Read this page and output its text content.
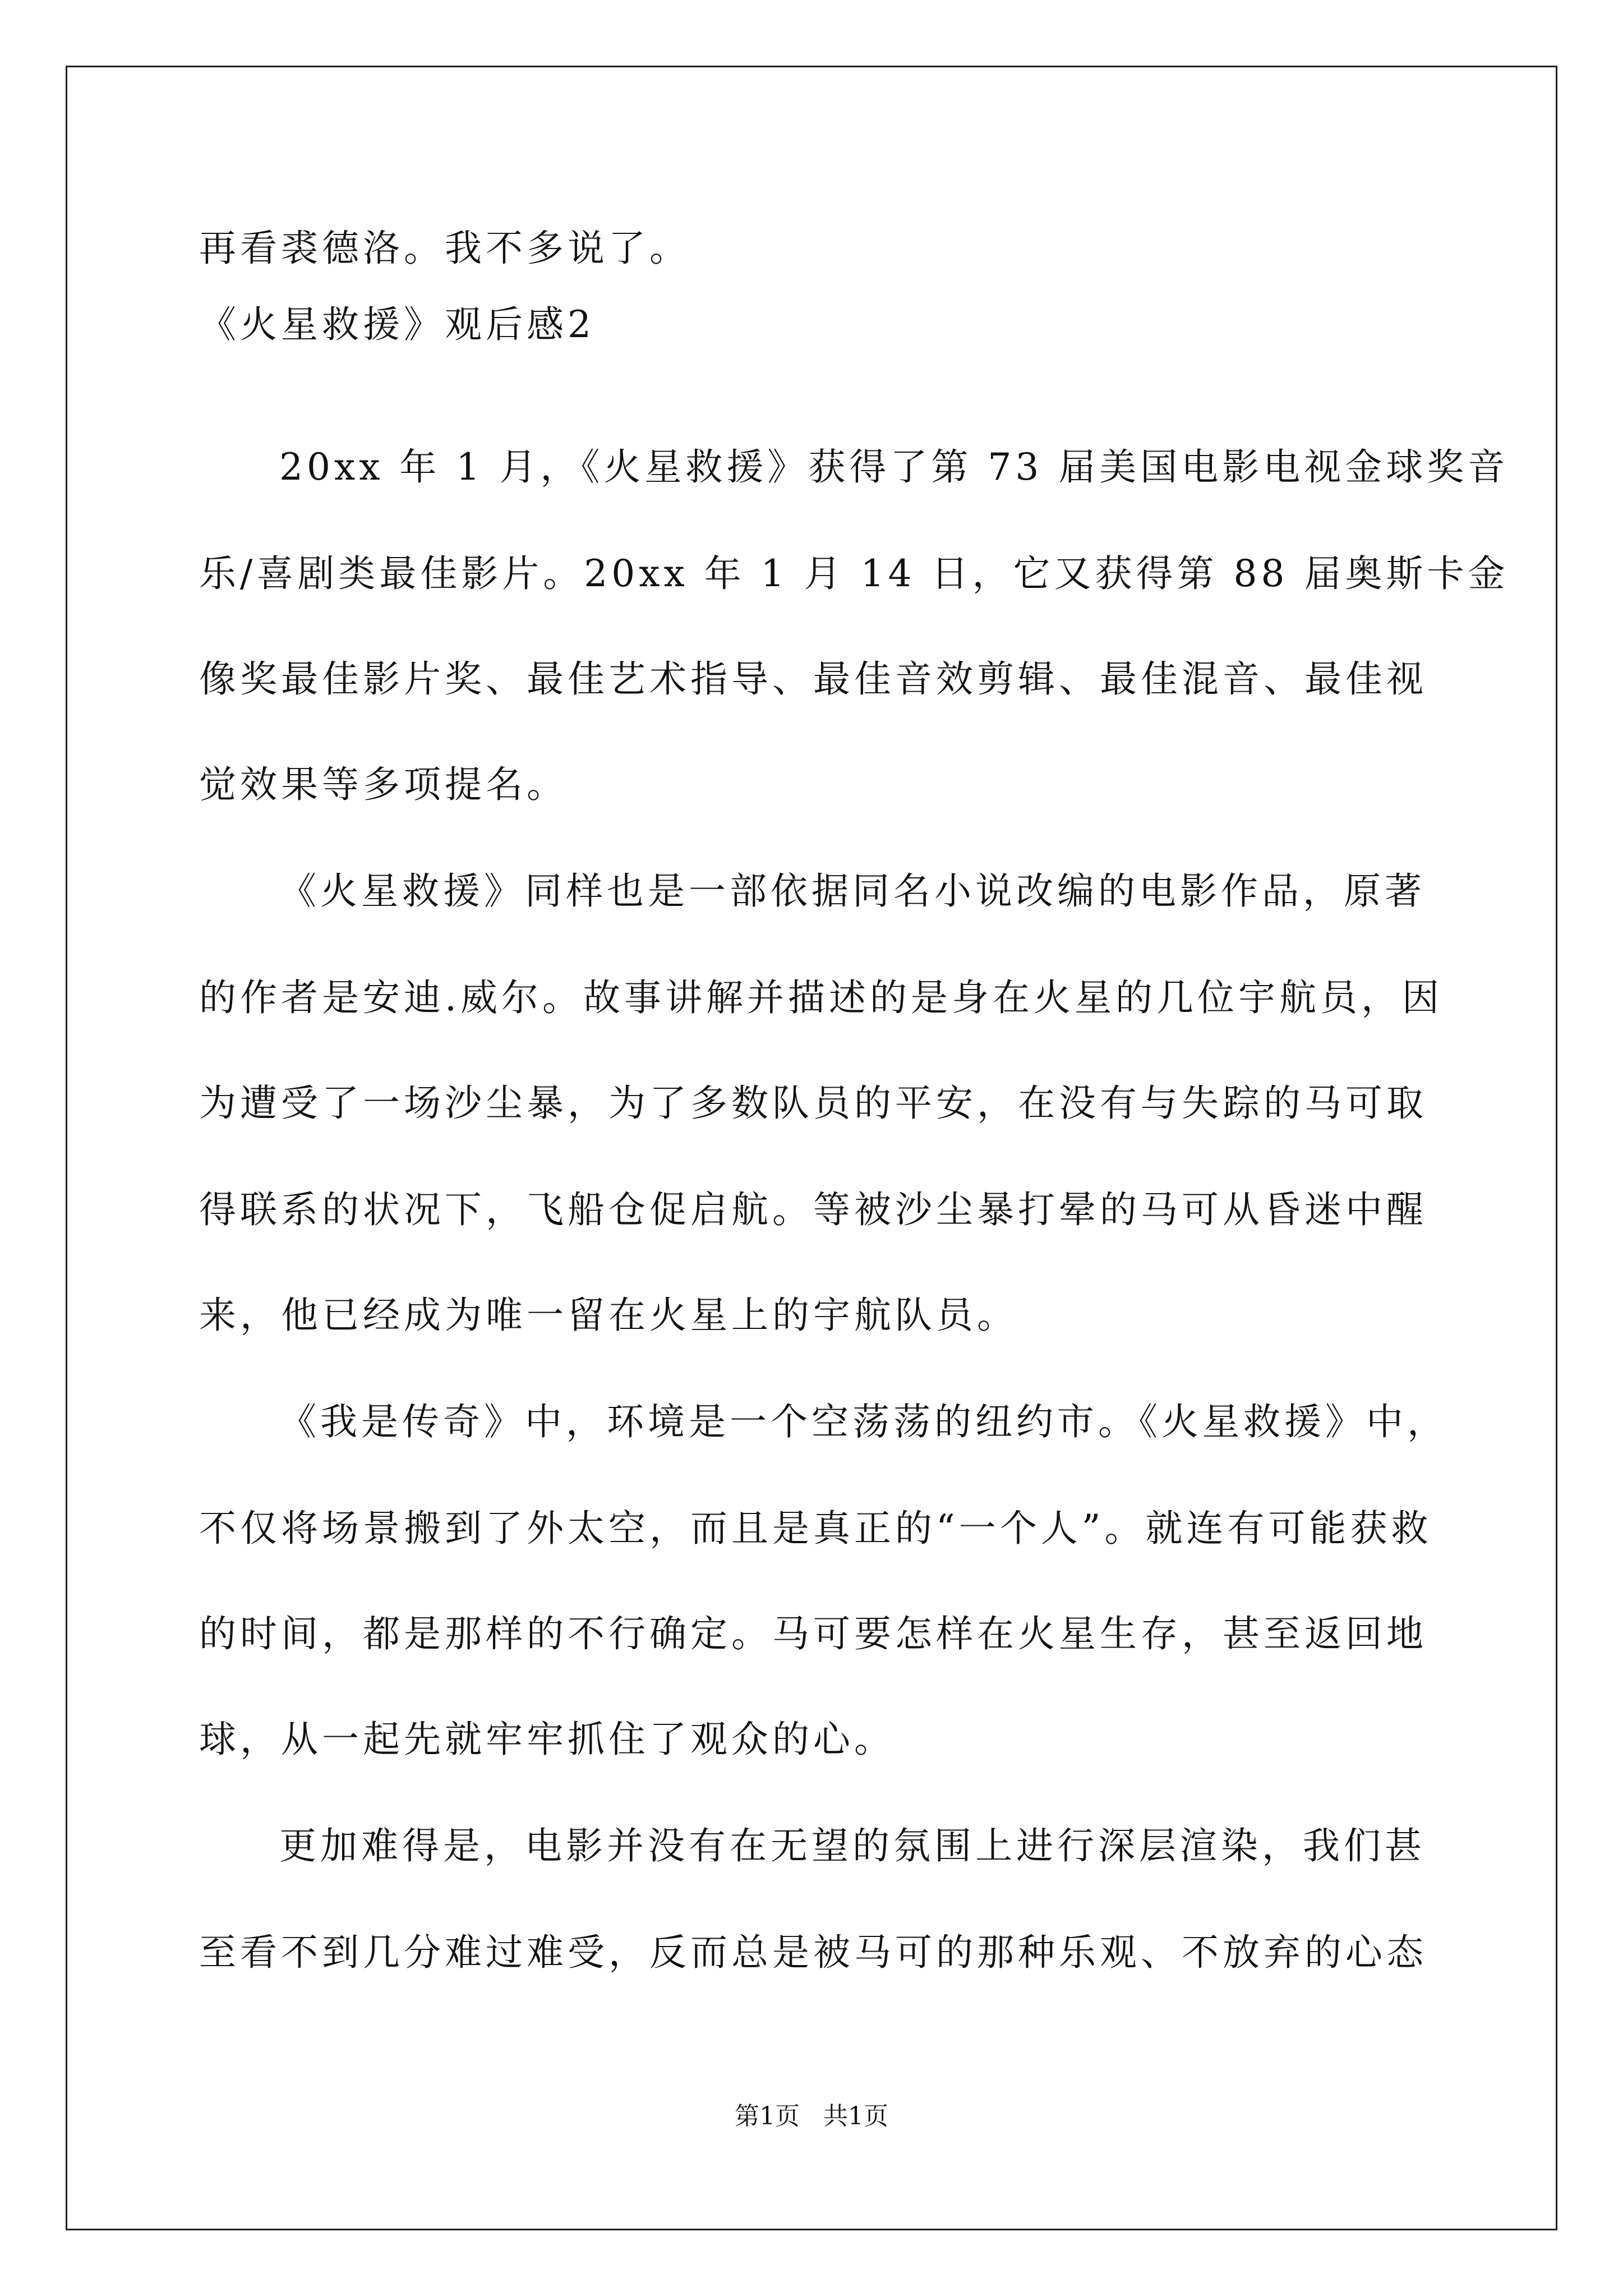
再看裘德洛。我不多说了。
《火星救援》观后感2
20xx 年 1 月，《火星救援》获得了第 73 届美国电影电视金球奖音
乐/喜剧类最佳影片。20xx 年 1 月 14 日，它又获得第 88 届奥斯卡金
像奖最佳影片奖、最佳艺术指导、最佳音效剪辑、最佳混音、最佳视
觉效果等多项提名。
《火星救援》同样也是一部依据同名小说改编的电影作品，原著
的作者是安迪.威尔。故事讲解并描述的是身在火星的几位宇航员，因
为遭受了一场沙尘暴，为了多数队员的平安，在没有与失踪的马可取
得联系的状况下，飞船仓促启航。等被沙尘暴打晕的马可从昏迷中醒
来，他已经成为唯一留在火星上的宇航队员。
《我是传奇》中，环境是一个空荡荡的纽约市。《火星救援》中，
不仅将场景搬到了外太空，而且是真正的“一个人”。就连有可能获救
的时间，都是那样的不行确定。马可要怎样在火星生存，甚至返回地
球，从一起先就牢牢抓住了观众的心。
更加难得是，电影并没有在无望的氛围上进行深层渲染，我们甚
至看不到几分难过难受，反而总是被马可的那种乐观、不放弃的心态
第1页   共1页
